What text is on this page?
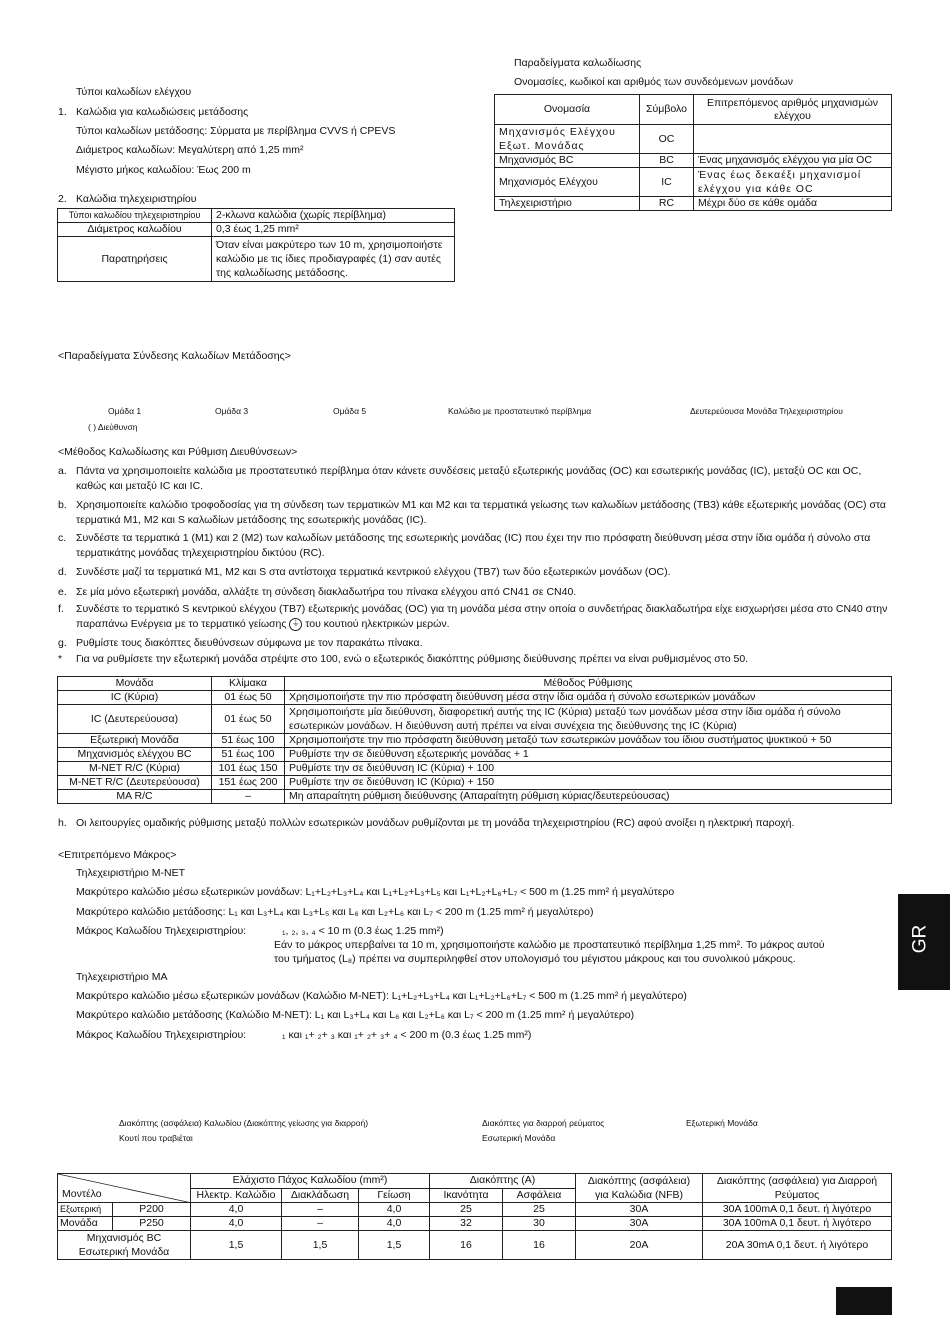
Τύποι καλωδίων ελέγχου
1. Καλώδια για καλωδιώσεις μετάδοσης
Τύποι καλωδίων μετάδοσης: Σύρματα με περίβλημα CVVS ή CPEVS
Διάμετρος καλωδίων: Μεγαλύτερη από 1,25 mm²
Μέγιστο μήκος καλωδίου: Έως 200 m
2. Καλώδια τηλεχειριστηρίου
Τύποι καλωδίου τηλεχειριστηρίου	2-κλωνα καλώδια (χωρίς περίβλημα)
Διάμετρος καλωδίου	0,3 έως 1,25 mm²
Παρατηρήσεις	Όταν είναι μακρύτερο των 10 m, χρησιμοποιήστε καλώδιο με τις ίδιες προδιαγραφές (1) σαν αυτές της καλωδίωσης μετάδοσης.
Παραδείγματα καλωδίωσης
Ονομασίες, κωδικοί και αριθμός των συνδεόμενων μονάδων
Ονομασία	Σύμβολο	Επιτρεπόμενος αριθμός μηχανισμών ελέγχου
Μηχανισμός Ελέγχου Εξωτ. Μονάδας	OC	
Μηχανισμός BC	BC	Ένας μηχανισμός ελέγχου για μία OC
Μηχανισμός Ελέγχου	IC	Ένας έως δεκαέξι μηχανισμοί ελέγχου για κάθε OC
Τηλεχειριστήριο	RC	Μέχρι δύο σε κάθε ομάδα
<Παραδείγματα Σύνδεσης Καλωδίων Μετάδοσης>
Ομάδα 1	Ομάδα 3	Ομάδα 5	Καλώδιο με προστατευτικό περίβλημα	Δευτερεύουσα Μονάδα Τηλεχειριστηρίου
( ) Διεύθυνση
<Μέθοδος Καλωδίωσης και Ρύθμιση Διευθύνσεων>
a. Πάντα να χρησιμοποιείτε καλώδια με προστατευτικό περίβλημα όταν κάνετε συνδέσεις μεταξύ εξωτερικής μονάδας (OC) και εσωτερικής μονάδας (IC), μεταξύ OC και OC, καθώς και μεταξύ IC και IC.
b. Χρησιμοποιείτε καλώδιο τροφοδοσίας για τη σύνδεση των τερματικών M1 και M2 και τα τερματικά γείωσης των καλωδίων μετάδοσης (TB3) κάθε εξωτερικής μονάδας (OC) στα τερματικά M1, M2 και S καλωδίων μετάδοσης της εσωτερικής μονάδας (IC).
c. Συνδέστε τα τερματικά 1 (M1) και 2 (M2) των καλωδίων μετάδοσης της εσωτερικής μονάδας (IC) που έχει την πιο πρόσφατη διεύθυνση μέσα στην ίδια ομάδα ή σύνολο στα τερματικάτης μονάδας τηλεχειριστηρίου δικτύου (RC).
d. Συνδέστε μαζί τα τερματικά M1, M2 και S στα αντίστοιχα τερματικά κεντρικού ελέγχου (TB7) των δύο εξωτερικών μονάδων (OC).
e. Σε μία μόνο εξωτερική μονάδα, αλλάξτε τη σύνδεση διακλαδωτήρα του πίνακα ελέγχου από CN41 σε CN40.
f. Συνδέστε το τερματικό S κεντρικού ελέγχου (TB7) εξωτερικής μονάδας (OC) για τη μονάδα μέσα στην οποία ο συνδετήρας διακλαδωτήρα είχε εισχωρήσει μέσα στο CN40 στην παραπάνω Ενέργεια με το τερματικό γείωσης ⏚ του κουτιού ηλεκτρικών μερών.
g. Ρυθμίστε τους διακόπτες διευθύνσεων σύμφωνα με τον παρακάτω πίνακα.
* Για να ρυθμίσετε την εξωτερική μονάδα στρέψτε στο 100, ενώ ο εξωτερικός διακόπτης ρύθμισης διεύθυνσης πρέπει να είναι ρυθμισμένος στο 50.
Μονάδα	Κλίμακα	Μέθοδος Ρύθμισης
IC (Κύρια)	01 έως 50	Χρησιμοποιήστε την πιο πρόσφατη διεύθυνση μέσα στην ίδια ομάδα ή σύνολο εσωτερικών μονάδων
IC (Δευτερεύουσα)	01 έως 50	Χρησιμοποιήστε μία διεύθυνση, διαφορετική αυτής της IC (Κύρια) μεταξύ των μονάδων μέσα στην ίδια ομάδα ή σύνολο εσωτερικών μονάδων. Η διεύθυνση αυτή πρέπει να είναι συνέχεια της διεύθυνσης της IC (Κύρια)
Εξωτερική Μονάδα	51 έως 100	Χρησιμοποιήστε την πιο πρόσφατη διεύθυνση μεταξύ των εσωτερικών μονάδων του ίδιου συστήματος ψυκτικού + 50
Μηχανισμός ελέγχου BC	51 έως 100	Ρυθμίστε την σε διεύθυνση εξωτερικής μονάδας + 1
M-NET R/C (Κύρια)	101 έως 150	Ρυθμίστε την σε διεύθυνση IC (Κύρια) + 100
M-NET R/C (Δευτερεύουσα)	151 έως 200	Ρυθμίστε την σε διεύθυνση IC (Κύρια) + 150
MA R/C	–	Μη απαραίτητη ρύθμιση διεύθυνσης (Απαραίτητη ρύθμιση κύριας/δευτερεύουσας)
h. Οι λειτουργίες ομαδικής ρύθμισης μεταξύ πολλών εσωτερικών μονάδων ρυθμίζονται με τη μονάδα τηλεχειριστηρίου (RC) αφού ανοίξει η ηλεκτρική παροχή.
<Επιτρεπόμενο Μάκρος>
Τηλεχειριστήριο M-NET
Μακρύτερο καλώδιο μέσω εξωτερικών μονάδων: L₁+L₂+L₃+L₄ και L₁+L₂+L₃+L₅ και L₁+L₂+L₆+L₇ < 500 m (1.25 mm² ή μεγαλύτερο
Μακρύτερο καλώδιο μετάδοσης: L₁ και L₃+L₄ και L₃+L₅ και L₆ και L₂+L₆ και L₇ < 200 m (1.25 mm² ή μεγαλύτερο)
Μάκρος Καλωδίου Τηλεχειριστηρίου:	₁, ₂, ₃, ₄ < 10 m (0.3 έως 1.25 mm²)
Εάν το μάκρος υπερβαίνει τα 10 m, χρησιμοποιήστε καλώδιο με προστατευτικό περίβλημα 1,25 mm². Το μάκρος αυτού
του τμήματος (L₈) πρέπει να συμπεριληφθεί στον υπολογισμό του μέγιστου μάκρους και του συνολικού μάκρους.
Τηλεχειριστήριο MA
Μακρύτερο καλώδιο μέσω εξωτερικών μονάδων (Καλώδιο M-NET): L₁+L₂+L₃+L₄ και L₁+L₂+L₆+L₇ < 500 m (1.25 mm² ή μεγαλύτερο)
Μακρύτερο καλώδιο μετάδοσης (Καλώδιο M-NET): L₁ και L₃+L₄ και L₆ και L₂+L₆ και L₇ < 200 m (1.25 mm² ή μεγαλύτερο)
Μάκρος Καλωδίου Τηλεχειριστηρίου:	₁ και ₁+ ₂+ ₃ και ₁+ ₂+ ₃+ ₄ < 200 m (0.3 έως 1.25 mm²)
GR
Διακόπτης (ασφάλεια) Καλωδίου (Διακόπτης γείωσης για διαρροή)	Διακόπτες για διαρροή ρεύματος	Εξωτερική Μονάδα
Κουτί που τραβιέται	Εσωτερική Μονάδα
Μοντέλο		Ελάχιστο Πάχος Καλωδίου (mm²)			Διακόπτης (A)		Διακόπτης (ασφάλεια) για Καλώδια (NFB)	Διακόπτης (ασφάλεια) για Διαρροή Ρεύματος
		Ηλεκτρ. Καλώδιο	Διακλάδωση	Γείωση	Ικανότητα	Ασφάλεια		
Εξωτερική	P200	4,0	–	4,0	25	25	30A	30A 100mA 0,1 δευτ. ή λιγότερο
Μονάδα	P250	4,0	–	4,0	32	30	30A	30A 100mA 0,1 δευτ. ή λιγότερο

Μηχανισμός BC
Εσωτερική Μονάδα		1,5	1,5	1,5	16	16	20A	20A 30mA 0,1 δευτ. ή λιγότερο
